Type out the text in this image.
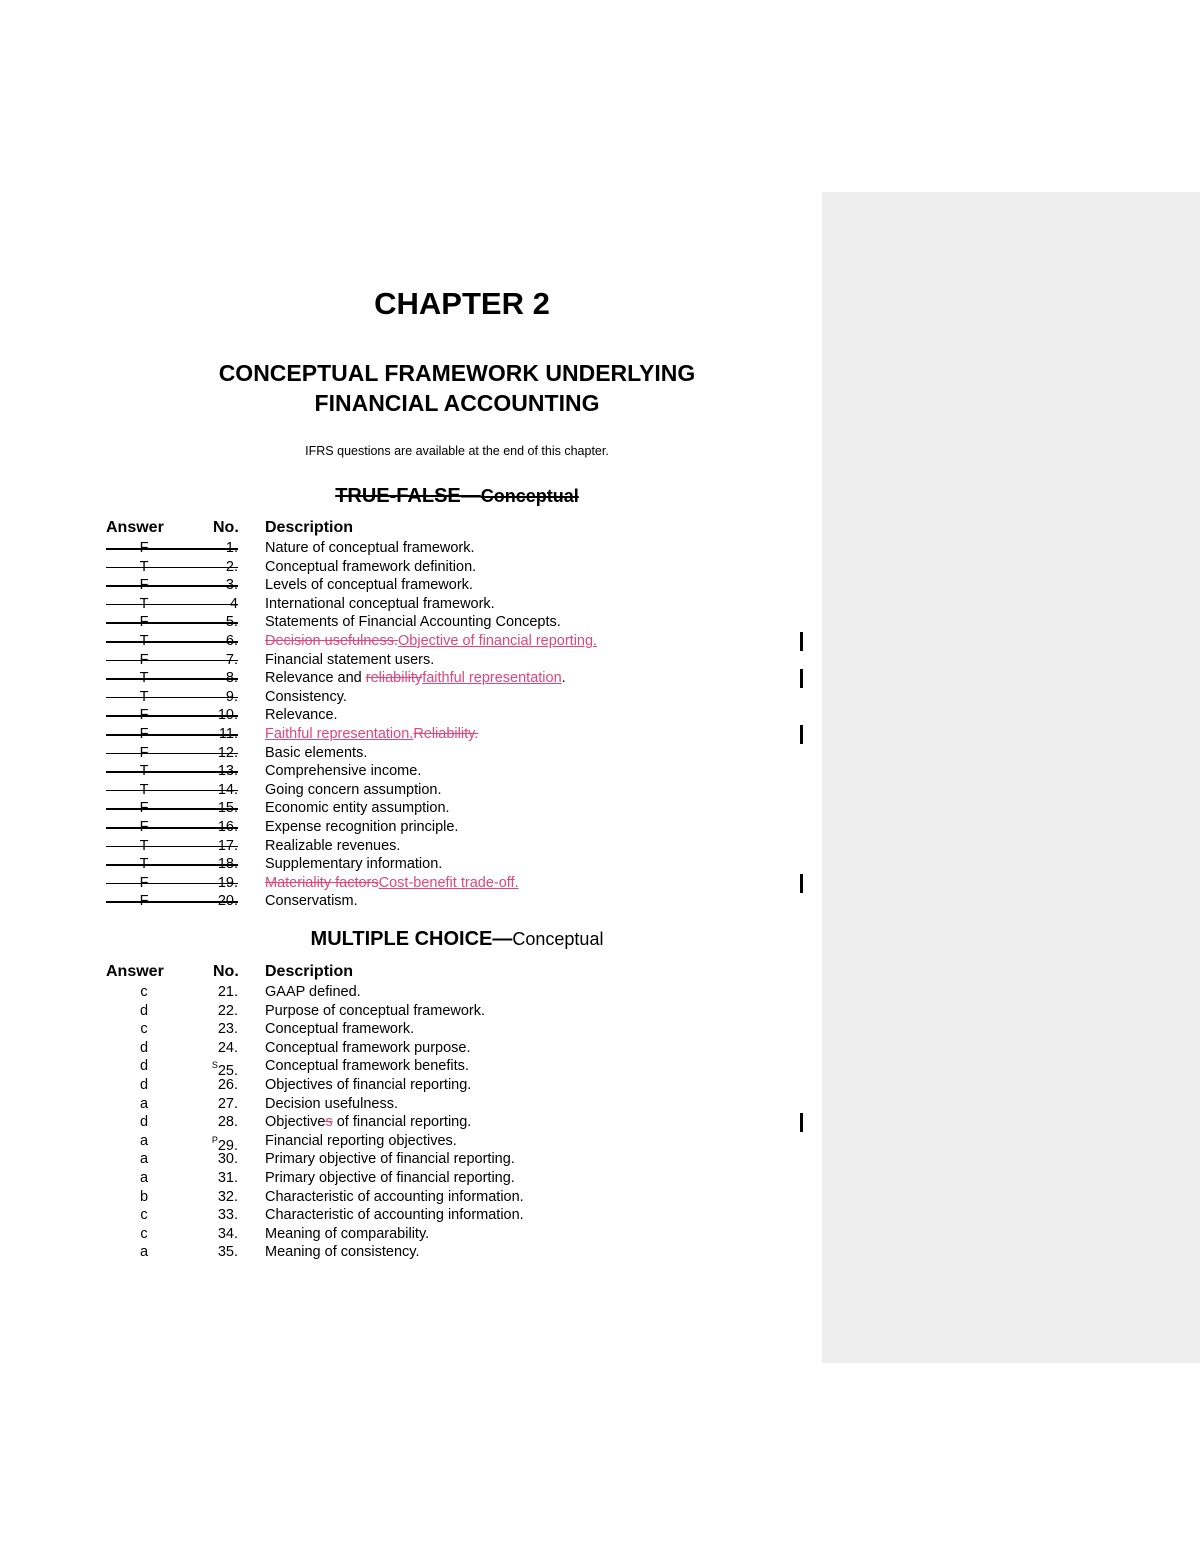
CHAPTER 2
CONCEPTUAL FRAMEWORK UNDERLYING
FINANCIAL ACCOUNTING
IFRS questions are available at the end of this chapter.
TRUE-FALSE—Conceptual
Answer	No. Description
F	1. Nature of conceptual framework.
T	2. Conceptual framework definition.
F	3. Levels of conceptual framework.
T	4 International conceptual framework.
F	5. Statements of Financial Accounting Concepts.
T	6. Decision usefulness.Objective of financial reporting.
F	7. Financial statement users.
T	8. Relevance and reliabilityfaithful representation.
T	9. Consistency.
F	10. Relevance.
F	11. Faithful representation.Reliability.
F	12. Basic elements.
T	13. Comprehensive income.
T	14. Going concern assumption.
F	15. Economic entity assumption.
F	16. Expense recognition principle.
T	17. Realizable revenues.
T	18. Supplementary information.
F	19. Materiality factorsCost-benefit trade-off.
F	20. Conservatism.
MULTIPLE CHOICE—Conceptual
Answer	No. Description
c	21. GAAP defined.
d	22. Purpose of conceptual framework.
c	23. Conceptual framework.
d	24. Conceptual framework purpose.
d	$^S$25. Conceptual framework benefits.
d	26. Objectives of financial reporting.
a	27. Decision usefulness.
d	28. Objectives of financial reporting.
a	$^P$29. Financial reporting objectives.
a	30. Primary objective of financial reporting.
a	31. Primary objective of financial reporting.
b	32. Characteristic of accounting information.
c	33. Characteristic of accounting information.
c	34. Meaning of comparability.
a	35. Meaning of consistency.
